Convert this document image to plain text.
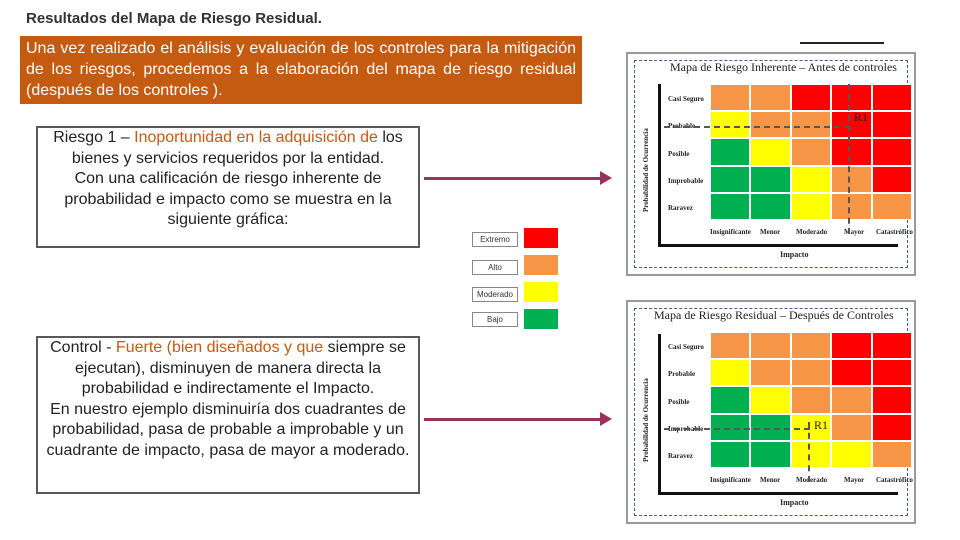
Resultados del Mapa de Riesgo Residual.
Una vez realizado el análisis y evaluación de los controles para la mitigación de los riesgos, procedemos a la elaboración del mapa de riesgo residual (después de los controles ).
Riesgo 1 – Inoportunidad en la adquisición de los bienes y servicios requeridos por la entidad.
Con una calificación de riesgo inherente de probabilidad e impacto como se muestra en la siguiente gráfica:
Control - Fuerte (bien diseñados y que siempre se ejecutan), disminuyen de manera directa la probabilidad e indirectamente el Impacto.
En nuestro ejemplo disminuiría dos cuadrantes de probabilidad, pasa de probable a improbable y un cuadrante de impacto, pasa de mayor a moderado.
Extremo
Alto
Moderado
Bajo
Mapa de Riesgo Inherente – Antes de controles
Probabilidad de Ocurrencia
Casi Seguro
Probable
Posible
Improbable
Raravez
Insignificante Menor Moderado Mayor Catastrófico
Impacto
R1
Mapa de Riesgo Residual – Después de Controles
Probabilidad de Ocurrencia
Casi Seguro
Probable
Posible
Improbable
Raravez
Insignificante Menor Moderado Mayor Catastrófico
Impacto
R1
